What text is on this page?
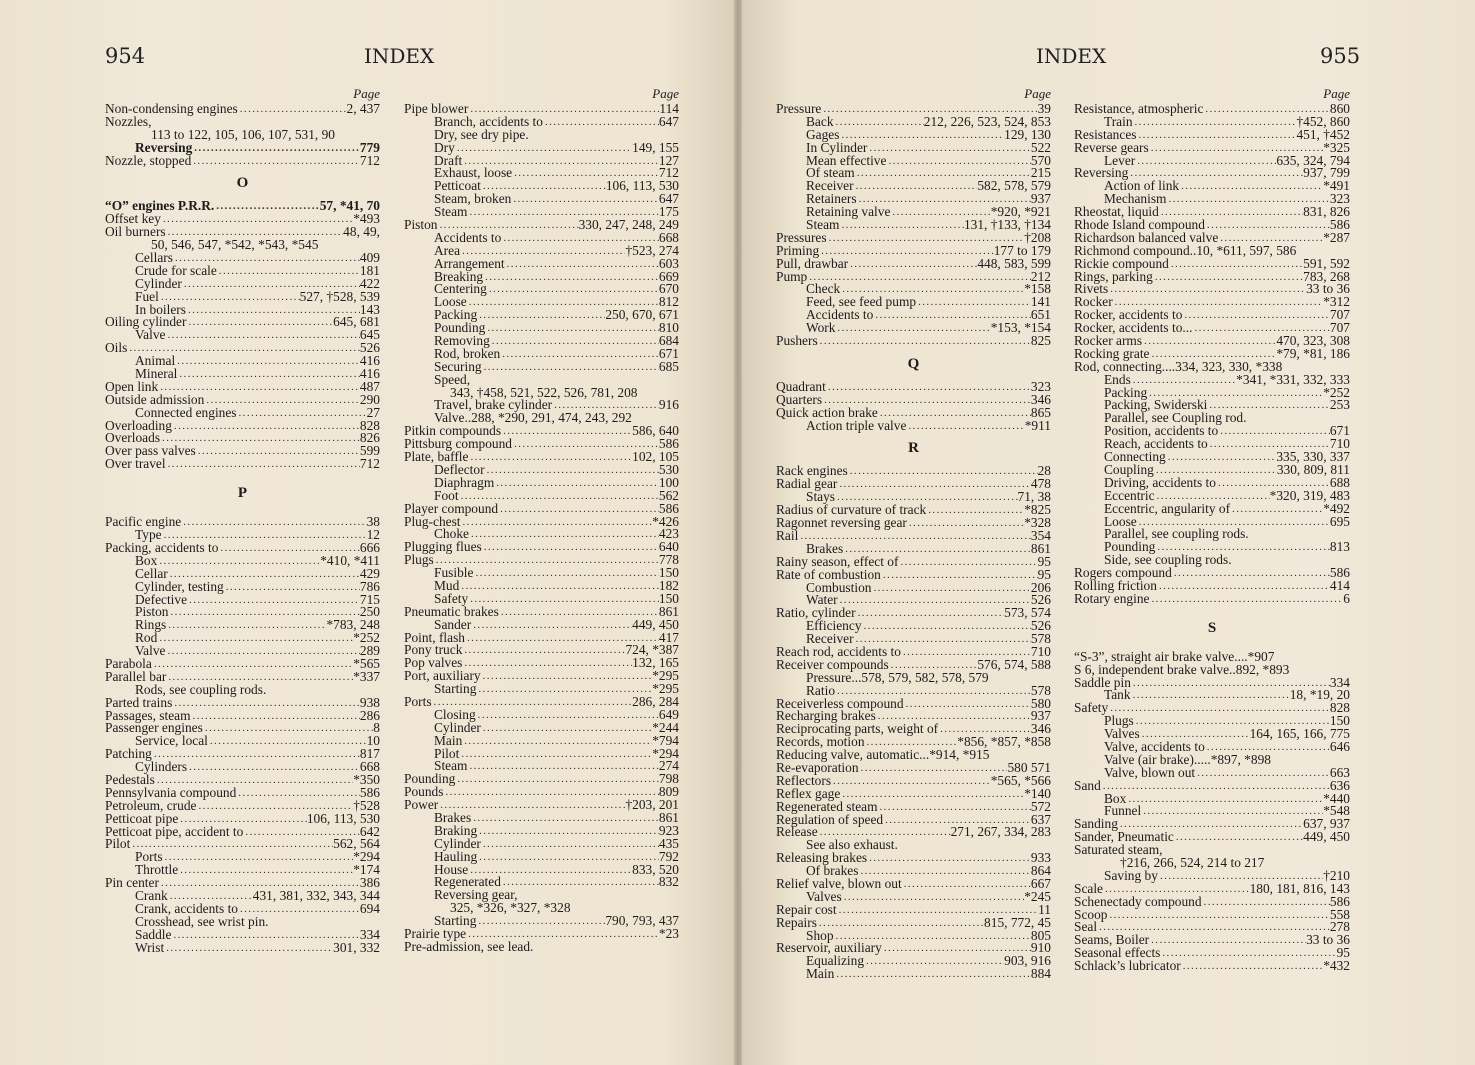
954	INDEX
Page
Non-condensing engines .....	2, 437
Nozzles,
113 to 122, 105, 106, 107, 531, 90
Reversing .....	779
Nozzle, stopped .....	712
O
“O” engines P.R.R. .....	57, *41, 70
Offset key .....	*493
Oil burners .....	48, 49,
50, 546, 547, *542, *543, *545
Cellars .....	409
Crude for scale .....	181
Cylinder .....	422
Fuel .....	527, †528, 539
In boilers .....	143
Oiling cylinder .....	645, 681
Valve .....	645
Oils .....	526
Animal .....	416
Mineral .....	416
Open link .....	487
Outside admission .....	290
Connected engines .....	27
Overloading .....	828
Overloads .....	826
Over pass valves .....	599
Over travel .....	712
P
Pacific engine .....	38
Type .....	12
Packing, accidents to .....	666
Box .....	*410, *411
Cellar .....	429
Cylinder, testing .....	786
Defective .....	715
Piston .....	250
Rings .....	*783, 248
Rod .....	*252
Valve .....	289
Parabola .....	*565
Parallel bar .....	*337
Rods, see coupling rods.
Parted trains .....	938
Passages, steam .....	286
Passenger engines .....	8
Service, local .....	10
Patching .....	817
Cylinders .....	668
Pedestals .....	*350
Pennsylvania compound .....	586
Petroleum, crude .....	†528
Petticoat pipe .....	106, 113, 530
Petticoat pipe, accident to .....	642
Pilot .....	562, 564
Ports .....	*294
Throttle .....	*174
Pin center .....	386
Crank .....	431, 381, 332, 343, 344
Crank, accidents to .....	694
Crosshead, see wrist pin.
Saddle .....	334
Wrist .....	301, 332
Page
Pipe blower .....	114
Branch, accidents to .....	647
Dry, see dry pipe.
Dry .....	149, 155
Draft .....	127
Exhaust, loose .....	712
Petticoat .....	106, 113, 530
Steam, broken .....	647
Steam .....	175
Piston .....	330, 247, 248, 249
Accidents to .....	668
Area .....	†523, 274
Arrangement .....	603
Breaking .....	669
Centering .....	670
Loose .....	812
Packing .....	250, 670, 671
Pounding .....	810
Removing .....	684
Rod, broken .....	671
Securing .....	685
Speed,
343, †458, 521, 522, 526, 781, 208
Travel, brake cylinder .....	916
Valve..288, *290, 291, 474, 243, 292
Pitkin compounds .....	586, 640
Pittsburg compound .....	586
Plate, baffle .....	102, 105
Deflector .....	530
Diaphragm .....	100
Foot .....	562
Player compound .....	586
Plug-chest .....	*426
Choke .....	423
Plugging flues .....	640
Plugs .....	778
Fusible .....	150
Mud .....	182
Safety .....	150
Pneumatic brakes .....	861
Sander .....	449, 450
Point, flash .....	417
Pony truck .....	724, *387
Pop valves .....	132, 165
Port, auxiliary .....	*295
Starting .....	*295
Ports .....	286, 284
Closing .....	649
Cylinder .....	*244
Main .....	*794
Pilot .....	*294
Steam .....	274
Pounding .....	798
Pounds .....	809
Power .....	†203, 201
Brakes .....	861
Braking .....	923
Cylinder .....	435
Hauling .....	792
House .....	833, 520
Regenerated .....	832
Reversing gear,
325, *326, *327, *328
Starting .....	790, 793, 437
Prairie type .....	*23
Pre-admission, see lead.
INDEX	955
Page
Pressure .....	39
Back .....	212, 226, 523, 524, 853
Gages .....	129, 130
In Cylinder .....	522
Mean effective .....	570
Of steam .....	215
Receiver .....	582, 578, 579
Retainers .....	937
Retaining valve .....	*920, *921
Steam .....	131, †133, †134
Pressures .....	†208
Priming .....	177 to 179
Pull, drawbar .....	448, 583, 599
Pump .....	212
Check .....	*158
Feed, see feed pump .....	141
Accidents to .....	651
Work .....	*153, *154
Pushers .....	825
Q
Quadrant .....	323
Quarters .....	346
Quick action brake .....	865
Action triple valve .....	*911
R
Rack engines .....	28
Radial gear .....	478
Stays .....	71, 38
Radius of curvature of track .....	*825
Ragonnet reversing gear .....	*328
Rail .....	354
Brakes .....	861
Rainy season, effect of .....	95
Rate of combustion .....	95
Combustion .....	206
Water .....	526
Ratio, cylinder .....	573, 574
Efficiency .....	526
Receiver .....	578
Reach rod, accidents to .....	710
Receiver compounds .....	576, 574, 588
Pressure...578, 579, 582, 578, 579
Ratio .....	578
Receiverless compound .....	580
Recharging brakes .....	937
Reciprocating parts, weight of .....	346
Records, motion .....	*856, *857, *858
Reducing valve, automatic...*914, *915
Re-evaporation .....	580 571
Reflectors .....	*565, *566
Reflex gage .....	*140
Regenerated steam .....	572
Regulation of speed .....	637
Release .....	271, 267, 334, 283
See also exhaust.
Releasing brakes .....	933
Of brakes .....	864
Relief valve, blown out .....	667
Valves .....	*245
Repair cost .....	11
Repairs .....	815, 772, 45
Shop .....	805
Reservoir, auxiliary .....	910
Equalizing .....	903, 916
Main .....	884
Page
Resistance, atmospheric .....	860
Train .....	†452, 860
Resistances .....	451, †452
Reverse gears .....	*325
Lever .....	635, 324, 794
Reversing .....	937, 799
Action of link .....	*491
Mechanism .....	323
Rheostat, liquid .....	831, 826
Rhode Island compound .....	586
Richardson balanced valve .....	*287
Richmond compound..10, *611, 597, 586
Rickie compound .....	591, 592
Rings, parking .....	783, 268
Rivets .....	33 to 36
Rocker .....	*312
Rocker, accidents to .....	707
Rocker, accidents to... .....	707
Rocker arms .....	470, 323, 308
Rocking grate .....	*79, *81, 186
Rod, connecting....334, 323, 330, *338
Ends .....	*341, *331, 332, 333
Packing .....	*252
Packing, Swiderski .....	253
Parallel, see Coupling rod.
Position, accidents to .....	671
Reach, accidents to .....	710
Connecting .....	335, 330, 337
Coupling .....	330, 809, 811
Driving, accidents to .....	688
Eccentric .....	*320, 319, 483
Eccentric, angularity of .....	*492
Loose .....	695
Parallel, see coupling rods.
Pounding .....	813
Side, see coupling rods.
Rogers compound .....	586
Rolling friction .....	414
Rotary engine .....	6
S
“S-3”, straight air brake valve....*907
S 6, independent brake valve..892, *893
Saddle pin .....	334
Tank .....	18, *19, 20
Safety .....	828
Plugs .....	150
Valves .....	164, 165, 166, 775
Valve, accidents to .....	646
Valve (air brake).....*897, *898
Valve, blown out .....	663
Sand .....	636
Box .....	*440
Funnel .....	*548
Sanding .....	637, 937
Sander, Pneumatic .....	449, 450
Saturated steam,
†216, 266, 524, 214 to 217
Saving by .....	†210
Scale .....	180, 181, 816, 143
Schenectady compound .....	586
Scoop .....	558
Seal .....	278
Seams, Boiler .....	33 to 36
Seasonal effects .....	95
Schlack’s lubricator .....	*432
